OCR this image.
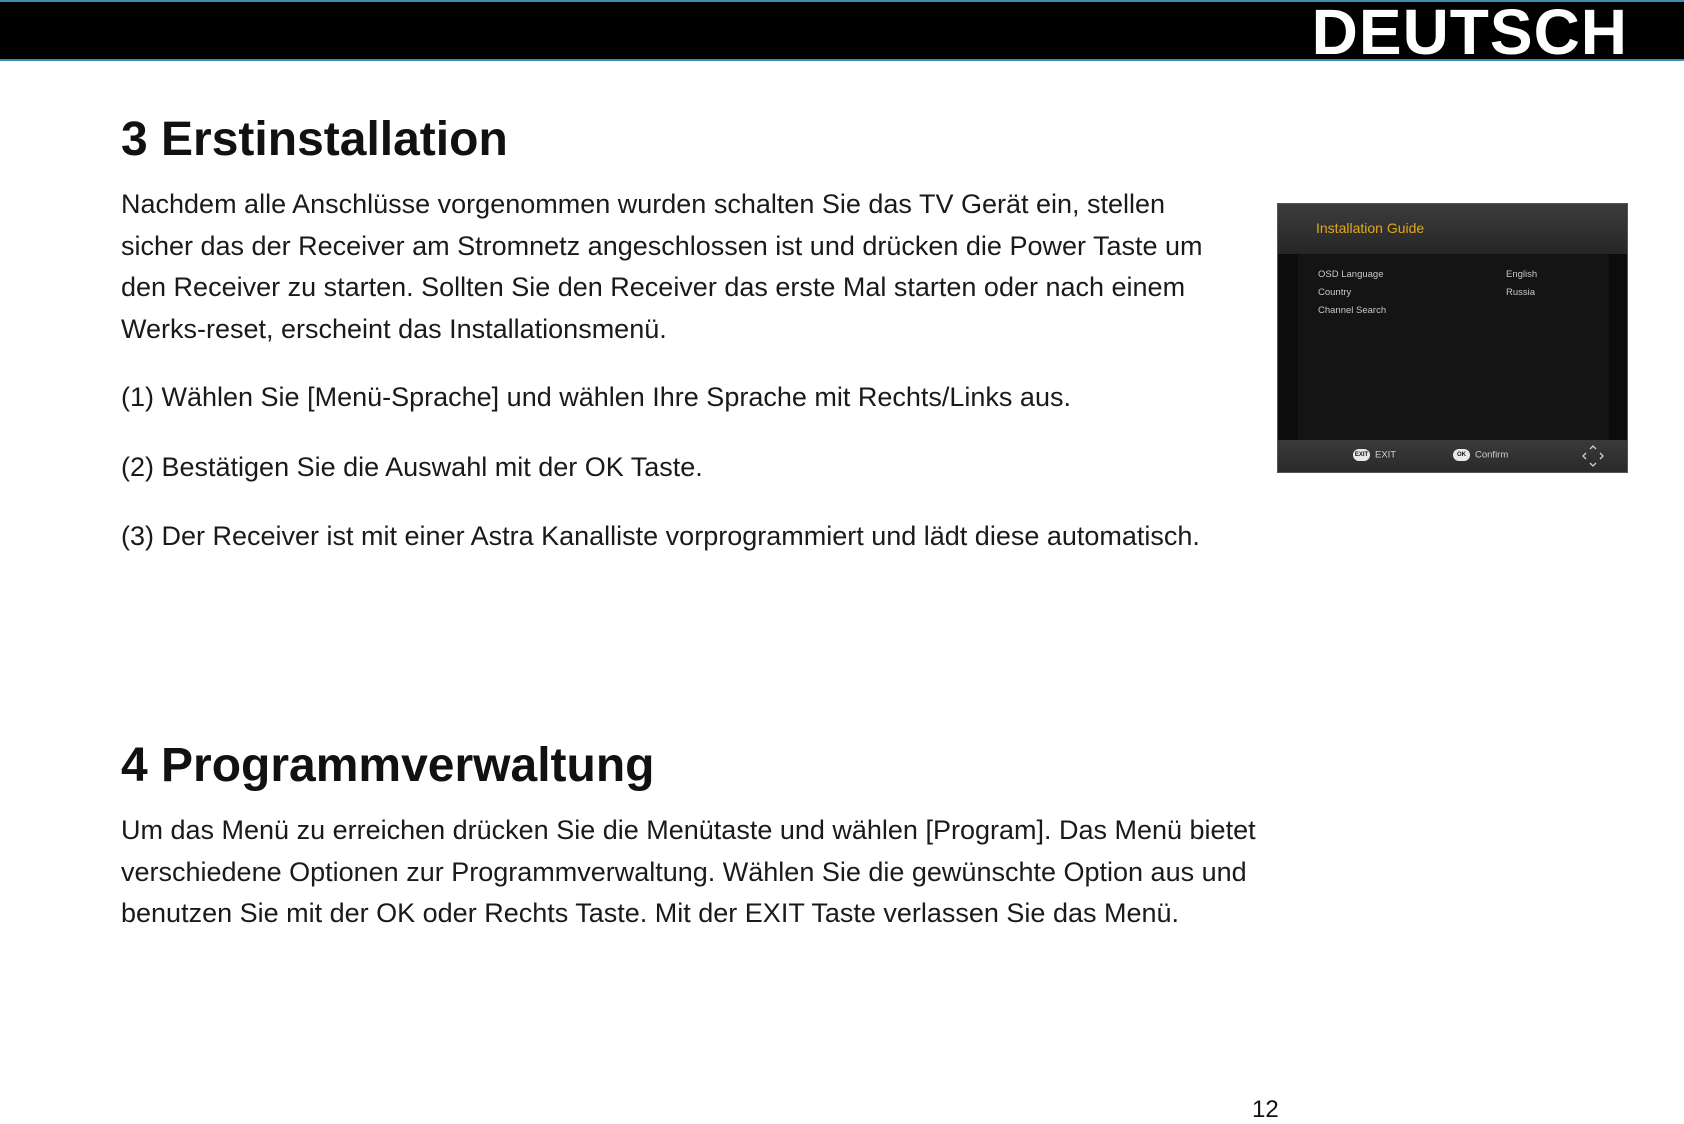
DEUTSCH
3 Erstinstallation

Nachdem alle Anschlüsse vorgenommen wurden schalten Sie das TV Gerät ein, stellen sicher das der Receiver am Stromnetz angeschlossen ist und drücken die Power Taste um den Receiver zu starten. Sollten Sie den Receiver das erste Mal starten oder nach einem Werks-reset, erscheint das Installationsmenü.

(1) Wählen Sie [Menü-Sprache] und wählen Ihre Sprache mit Rechts/Links aus.

(2) Bestätigen Sie die Auswahl mit der OK Taste.

(3) Der Receiver ist mit einer Astra Kanalliste vorprogrammiert und lädt diese automatisch.

Installation Guide
OSD Language	English
Country	Russia
Channel Search
EXIT EXIT	OK Confirm
4 Programmverwaltung

Um das Menü zu erreichen drücken Sie die Menütaste und wählen [Program]. Das Menü bietet verschiedene Optionen zur Programmverwaltung. Wählen Sie die gewünschte Option aus und benutzen Sie mit der OK oder Rechts Taste. Mit der EXIT Taste verlassen Sie das Menü.

12
